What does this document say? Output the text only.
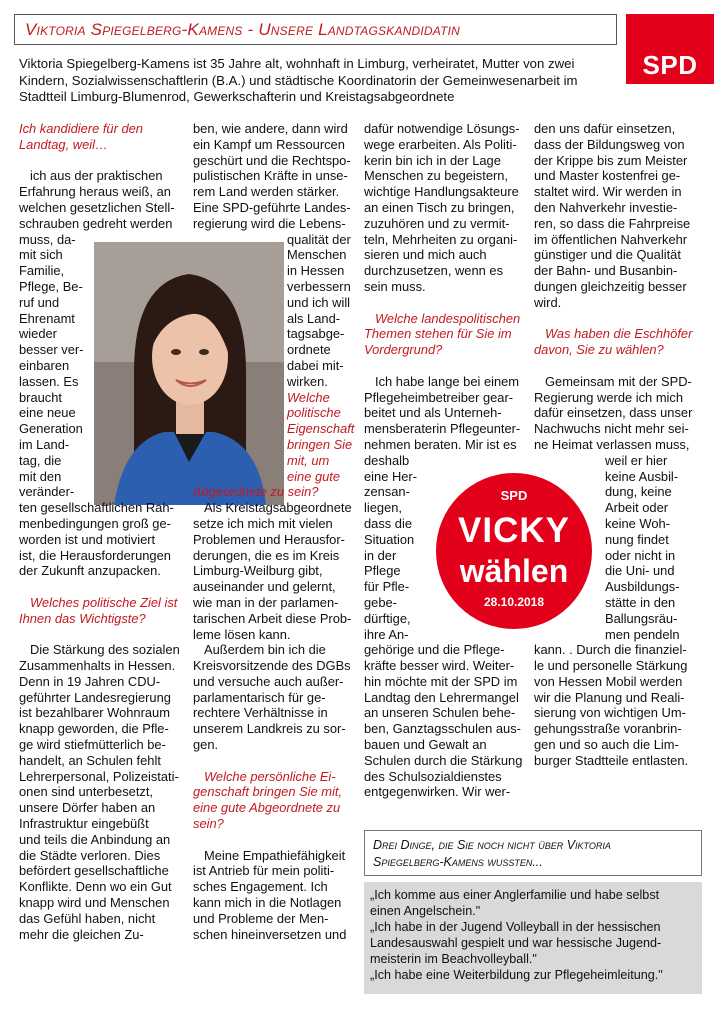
Viktoria Spiegelberg-Kamens - Unsere Landtagskandidatin
SPD
Viktoria Spiegelberg-Kamens ist 35 Jahre alt, wohnhaft in Limburg, verheiratet, Mutter von zwei Kindern, Sozialwissenschaftlerin (B.A.) und städtische Koordinatorin der Gemeinwesenarbeit im Stadtteil Limburg-Blumenrod, Gewerkschafterin und Kreistagsabgeordnete

Ich kandidiere für den

Landtag, weil…

ich aus der praktischen

Erfahrung heraus weiß, an

welchen gesetzlichen Stell-

schrauben gedreht werden

muss, da-

mit sich

Familie,

Pflege, Be-

ruf und

Ehrenamt

wieder

besser ver-

einbaren

lassen. Es

braucht

eine neue

Generation

im Land-

tag, die

mit den

veränder-

ten gesellschaftlichen Rah-

menbedingungen groß ge-

worden ist und motiviert

ist, die Herausforderungen

der Zukunft anzupacken.

Welches politische Ziel ist

Ihnen das Wichtigste?

Die Stärkung des sozialen

Zusammenhalts in Hessen.

Denn in 19 Jahren CDU-

geführter Landesregierung

ist bezahlbarer Wohnraum

knapp geworden, die Pfle-

ge wird stiefmütterlich be-

handelt, an Schulen fehlt

Lehrerpersonal, Polizeistati-

onen sind unterbesetzt,

unsere Dörfer haben an

Infrastruktur eingebüßt

und teils die Anbindung an

die Städte verloren. Dies

befördert gesellschaftliche

Konflikte. Denn wo ein Gut

knapp wird und Menschen

das Gefühl haben, nicht

mehr die gleichen Zu-

ben, wie andere, dann wird

ein Kampf um Ressourcen

geschürt und die Rechtspo-

pulistischen Kräfte in unse-

rem Land werden stärker.

Eine SPD-geführte Landes-

regierung wird die Lebens-

qualität der

Menschen

in Hessen

verbessern

und ich will

als Land-

tagsabge-

ordnete

dabei mit-

wirken.

Welche

politische

Eigenschaft

bringen Sie

mit, um

eine gute

Abgeordnete zu sein?

Als Kreistagsabgeordnete

setze ich mich mit vielen

Problemen und Herausfor-

derungen, die es im Kreis

Limburg-Weilburg gibt,

auseinander und gelernt,

wie man in der parlamen-

tarischen Arbeit diese Prob-

leme lösen kann.

Außerdem bin ich die

Kreisvorsitzende des DGBs

und versuche auch außer-

parlamentarisch für ge-

rechtere Verhältnisse in

unserem Landkreis zu sor-

gen.

Welche persönliche Ei-

genschaft bringen Sie mit,

eine gute Abgeordnete zu

sein?

Meine Empathiefähigkeit

ist Antrieb für mein politi-

sches Engagement. Ich

kann mich in die Notlagen

und Probleme der Men-

schen hineinversetzen und

dafür notwendige Lösungs-

wege erarbeiten. Als Politi-

kerin bin ich in der Lage

Menschen zu begeistern,

wichtige Handlungsakteure

an einen Tisch zu bringen,

zuzuhören und zu vermit-

teln, Mehrheiten zu organi-

sieren und mich auch

durchzusetzen, wenn es

sein muss.

Welche landespolitischen

Themen stehen für Sie im

Vordergrund?

Ich habe lange bei einem

Pflegeheimbetreiber gear-

beitet und als Unterneh-

mensberaterin Pflegeunter-

nehmen beraten. Mir ist es

deshalb

eine Her-

zensan-

liegen,

dass die

Situation

in der

Pflege

für Pfle-

gebe-

dürftige,

ihre An-

gehörige und die Pflege-

kräfte besser wird. Weiter-

hin möchte mit der SPD im

Landtag den Lehrermangel

an unseren Schulen behe-

ben, Ganztagsschulen aus-

bauen und Gewalt an

Schulen durch die Stärkung

des Schulsozialdienstes

entgegenwirken. Wir wer-

SPD
VICKY
wählen
28.10.2018

den uns dafür einsetzen,

dass der Bildungsweg von

der Krippe bis zum Meister

und Master kostenfrei ge-

staltet wird. Wir werden in

den Nahverkehr investie-

ren, so dass die Fahrpreise

im öffentlichen Nahverkehr

günstiger und die Qualität

der Bahn- und Busanbin-

dungen gleichzeitig besser

wird.

Was haben die Eschhöfer

davon, Sie zu wählen?

Gemeinsam mit der SPD-

Regierung werde ich mich

dafür einsetzen, dass unser

Nachwuchs nicht mehr sei-

ne Heimat verlassen muss,

weil er hier

keine Ausbil-

dung, keine

Arbeit oder

keine Woh-

nung findet

oder nicht in

die Uni- und

Ausbildungs-

stätte in den

Ballungsräu-

men pendeln

kann. . Durch die finanziel-

le und personelle Stärkung

von Hessen Mobil werden

wir die Planung und Reali-

sierung von wichtigen Um-

gehungsstraße voranbrin-

gen und so auch die Lim-

burger Stadtteile entlasten.

Drei Dinge, die Sie noch nicht über Viktoria
Spiegelberg-Kamens wussten...

„Ich komme aus einer Anglerfamilie und habe selbst

einen Angelschein."

„Ich habe in der Jugend Volleyball in der hessischen

Landesauswahl gespielt und war hessische Jugend-

meisterin im Beachvolleyball."

„Ich habe eine Weiterbildung zur Pflegeheimleitung."
